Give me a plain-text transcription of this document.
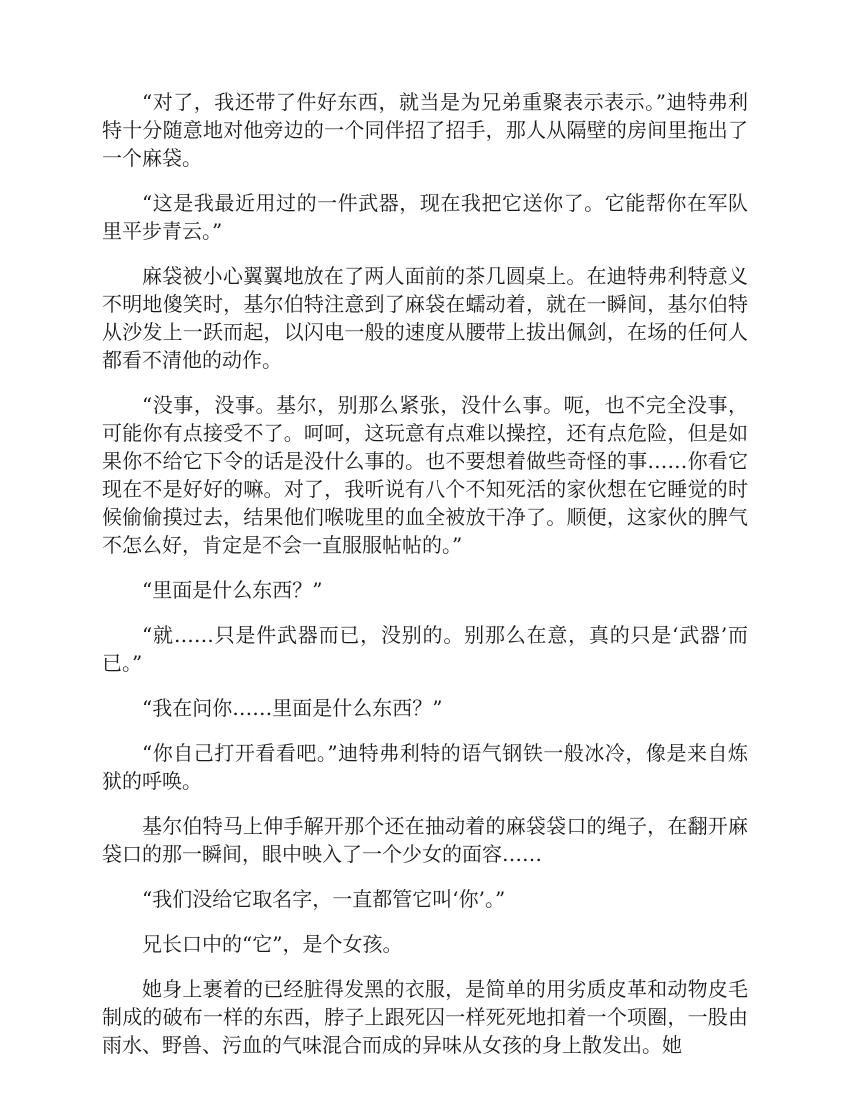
“对了，我还带了件好东西，就当是为兄弟重聚表示表示。”迪特弗利特十分随意地对他旁边的一个同伴招了招手，那人从隔壁的房间里拖出了一个麻袋。

“这是我最近用过的一件武器，现在我把它送你了。它能帮你在军队里平步青云。”

麻袋被小心翼翼地放在了两人面前的茶几圆桌上。在迪特弗利特意义不明地傻笑时，基尔伯特注意到了麻袋在蠕动着，就在一瞬间，基尔伯特从沙发上一跃而起，以闪电一般的速度从腰带上拔出佩剑，在场的任何人都看不清他的动作。

“没事，没事。基尔，别那么紧张，没什么事。呃，也不完全没事，可能你有点接受不了。呵呵，这玩意有点难以操控，还有点危险，但是如果你不给它下令的话是没什么事的。也不要想着做些奇怪的事……你看它现在不是好好的嘛。对了，我听说有八个不知死活的家伙想在它睡觉的时候偷偷摸过去，结果他们喉咙里的血全被放干净了。顺便，这家伙的脾气不怎么好，肯定是不会一直服服帖帖的。”

“里面是什么东西？”

“就……只是件武器而已，没别的。别那么在意，真的只是‘武器’而已。”

“我在问你……里面是什么东西？”

“你自己打开看看吧。”迪特弗利特的语气钢铁一般冰冷，像是来自炼狱的呼唤。

基尔伯特马上伸手解开那个还在抽动着的麻袋袋口的绳子，在翻开麻袋口的那一瞬间，眼中映入了一个少女的面容……

“我们没给它取名字，一直都管它叫‘你’。”

兄长口中的“它”，是个女孩。

她身上裹着的已经脏得发黑的衣服，是简单的用劣质皮革和动物皮毛制成的破布一样的东西，脖子上跟死囚一样死死地扣着一个项圈，一股由雨水、野兽、污血的气味混合而成的异味从女孩的身上散发出。她
